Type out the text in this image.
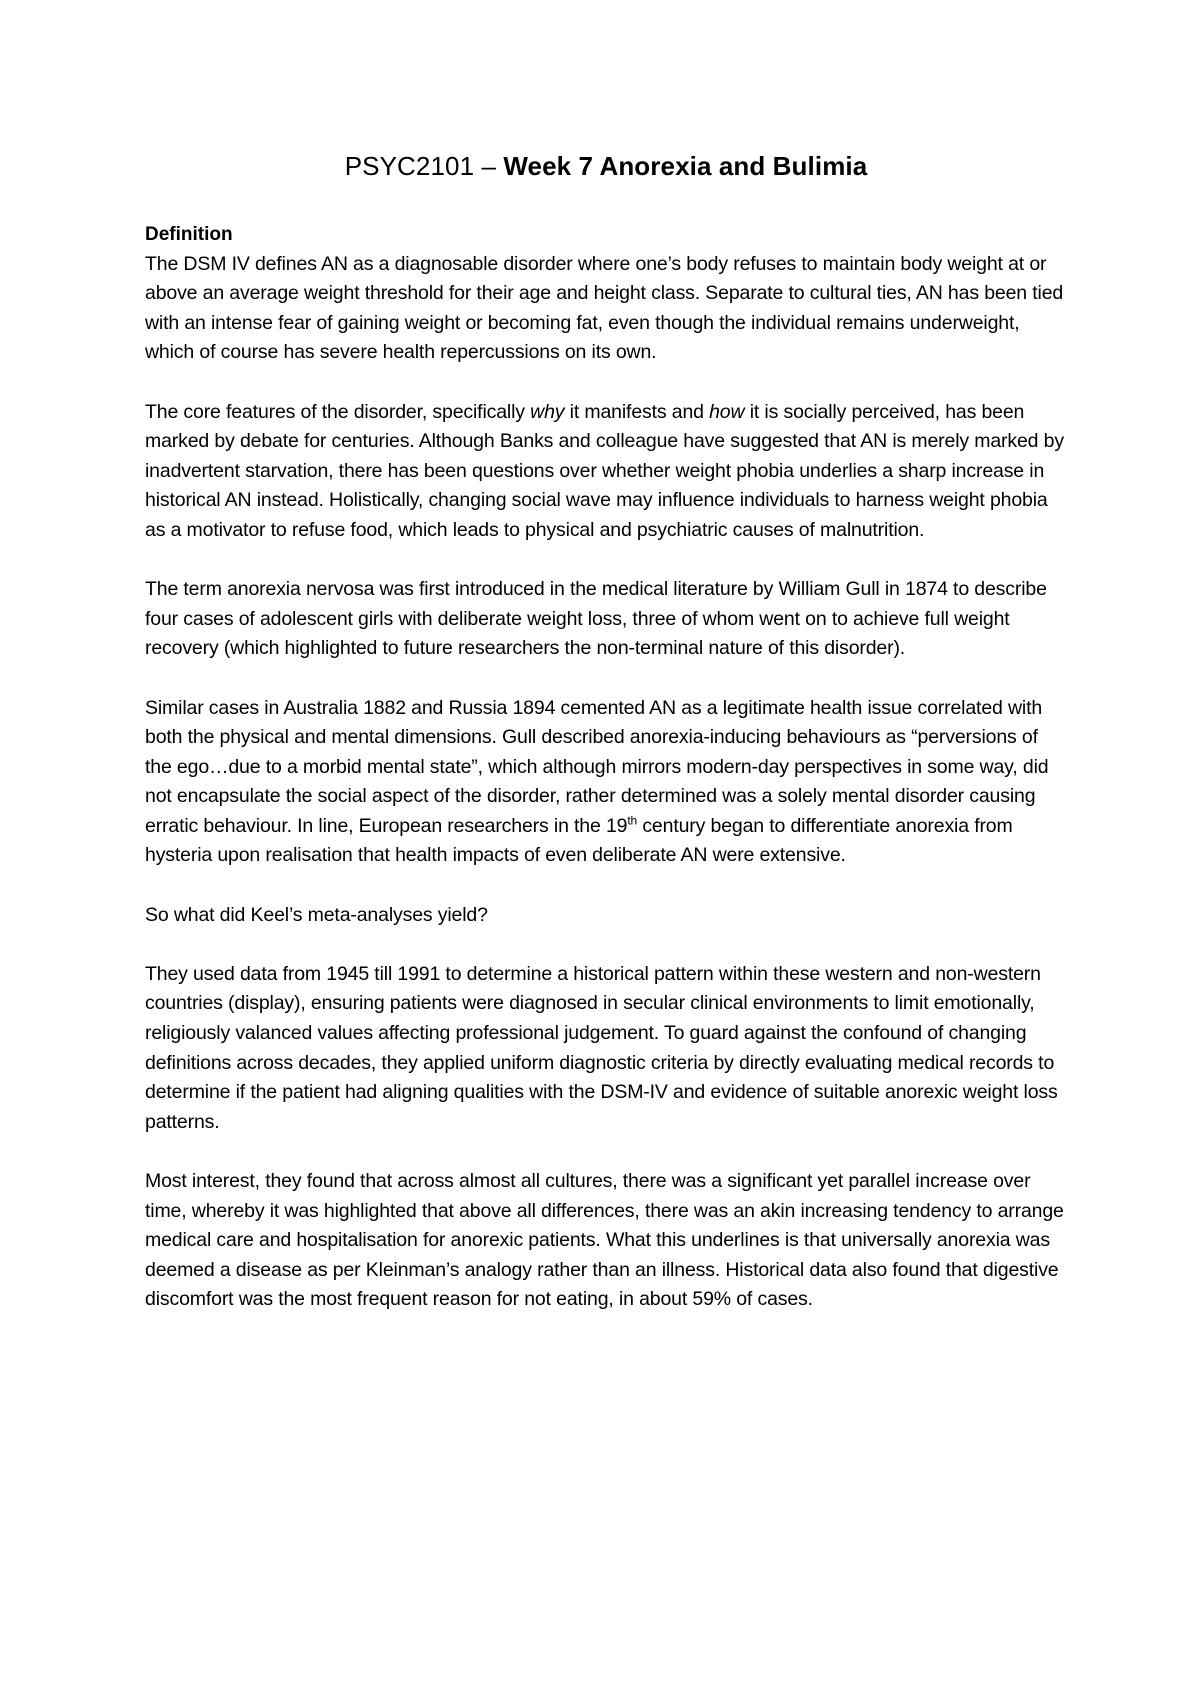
PSYC2101 – Week 7 Anorexia and Bulimia
Definition

The DSM IV defines AN as a diagnosable disorder where one’s body refuses to maintain body weight at or above an average weight threshold for their age and height class. Separate to cultural ties, AN has been tied with an intense fear of gaining weight or becoming fat, even though the individual remains underweight, which of course has severe health repercussions on its own.

The core features of the disorder, specifically why it manifests and how it is socially perceived, has been marked by debate for centuries. Although Banks and colleague have suggested that AN is merely marked by inadvertent starvation, there has been questions over whether weight phobia underlies a sharp increase in historical AN instead. Holistically, changing social wave may influence individuals to harness weight phobia as a motivator to refuse food, which leads to physical and psychiatric causes of malnutrition.

The term anorexia nervosa was first introduced in the medical literature by William Gull in 1874 to describe four cases of adolescent girls with deliberate weight loss, three of whom went on to achieve full weight recovery (which highlighted to future researchers the non-terminal nature of this disorder).

Similar cases in Australia 1882 and Russia 1894 cemented AN as a legitimate health issue correlated with both the physical and mental dimensions. Gull described anorexia-inducing behaviours as “perversions of the ego…due to a morbid mental state”, which although mirrors modern-day perspectives in some way, did not encapsulate the social aspect of the disorder, rather determined was a solely mental disorder causing erratic behaviour. In line, European researchers in the 19th century began to differentiate anorexia from hysteria upon realisation that health impacts of even deliberate AN were extensive.

So what did Keel’s meta-analyses yield?

They used data from 1945 till 1991 to determine a historical pattern within these western and non-western countries (display), ensuring patients were diagnosed in secular clinical environments to limit emotionally, religiously valanced values affecting professional judgement. To guard against the confound of changing definitions across decades, they applied uniform diagnostic criteria by directly evaluating medical records to determine if the patient had aligning qualities with the DSM-IV and evidence of suitable anorexic weight loss patterns.

Most interest, they found that across almost all cultures, there was a significant yet parallel increase over time, whereby it was highlighted that above all differences, there was an akin increasing tendency to arrange medical care and hospitalisation for anorexic patients. What this underlines is that universally anorexia was deemed a disease as per Kleinman’s analogy rather than an illness. Historical data also found that digestive discomfort was the most frequent reason for not eating, in about 59% of cases.
